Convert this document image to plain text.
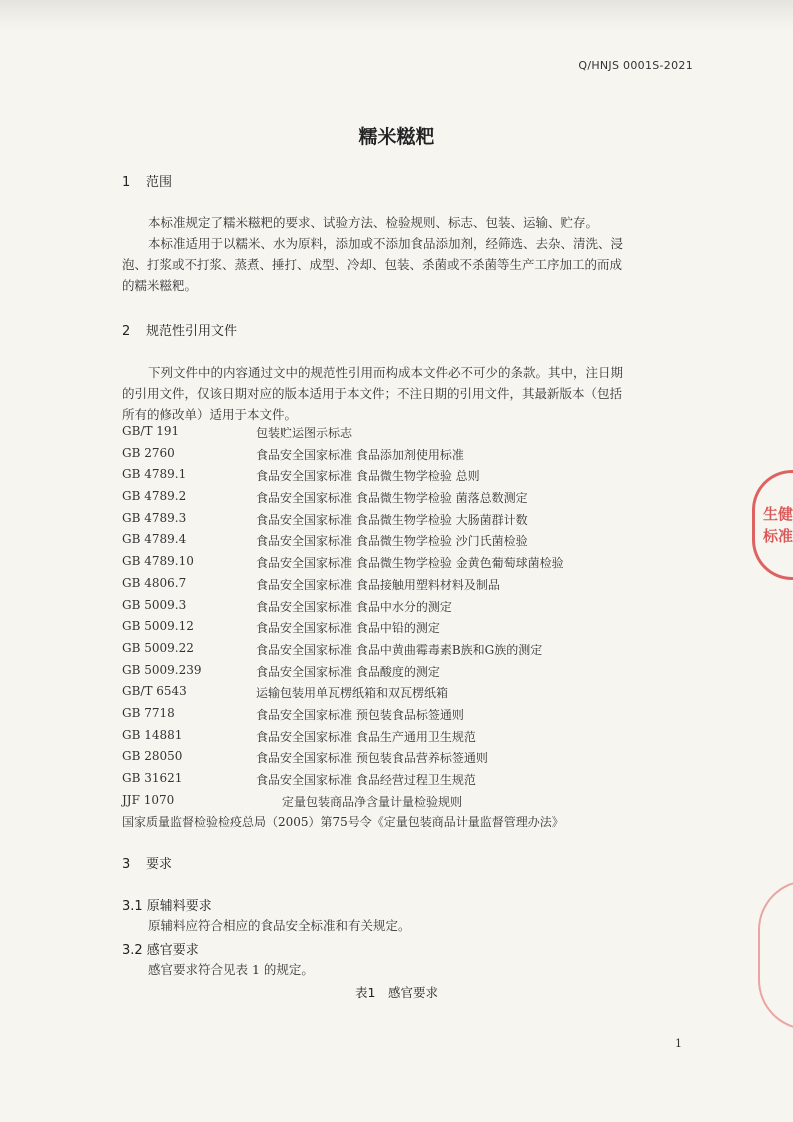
Q/HNJS 0001S-2021
糯米糍粑
1 范围
本标准规定了糯米糍粑的要求、试验方法、检验规则、标志、包装、运输、贮存。
本标准适用于以糯米、水为原料，添加或不添加食品添加剂，经筛选、去杂、清洗、浸
泡、打浆或不打浆、蒸煮、捶打、成型、冷却、包装、杀菌或不杀菌等生产工序加工的而成
的糯米糍粑。
2 规范性引用文件
下列文件中的内容通过文中的规范性引用而构成本文件必不可少的条款。其中，注日期
的引用文件，仅该日期对应的版本适用于本文件；不注日期的引用文件，其最新版本（包括
所有的修改单）适用于本文件。
GB/T 191	包装贮运图示标志
GB 2760	食品安全国家标准 食品添加剂使用标准
GB 4789.1	食品安全国家标准 食品微生物学检验 总则
GB 4789.2	食品安全国家标准 食品微生物学检验 菌落总数测定
GB 4789.3	食品安全国家标准 食品微生物学检验 大肠菌群计数
GB 4789.4	食品安全国家标准 食品微生物学检验 沙门氏菌检验
GB 4789.10	食品安全国家标准 食品微生物学检验 金黄色葡萄球菌检验
GB 4806.7	食品安全国家标准 食品接触用塑料材料及制品
GB 5009.3	食品安全国家标准 食品中水分的测定
GB 5009.12	食品安全国家标准 食品中铅的测定
GB 5009.22	食品安全国家标准 食品中黄曲霉毒素B族和G族的测定
GB 5009.239	食品安全国家标准 食品酸度的测定
GB/T 6543	运输包装用单瓦楞纸箱和双瓦楞纸箱
GB 7718	食品安全国家标准 预包装食品标签通则
GB 14881	食品安全国家标准 食品生产通用卫生规范
GB 28050	食品安全国家标准 预包装食品营养标签通则
GB 31621	食品安全国家标准 食品经营过程卫生规范
JJF 1070	定量包装商品净含量计量检验规则
国家质量监督检验检疫总局（2005）第75号令《定量包装商品计量监督管理办法》
3 要求
3.1 原辅料要求
原辅料应符合相应的食品安全标准和有关规定。
3.2 感官要求
感官要求符合见表 1 的规定。
表1　感官要求
1
生健
标准
